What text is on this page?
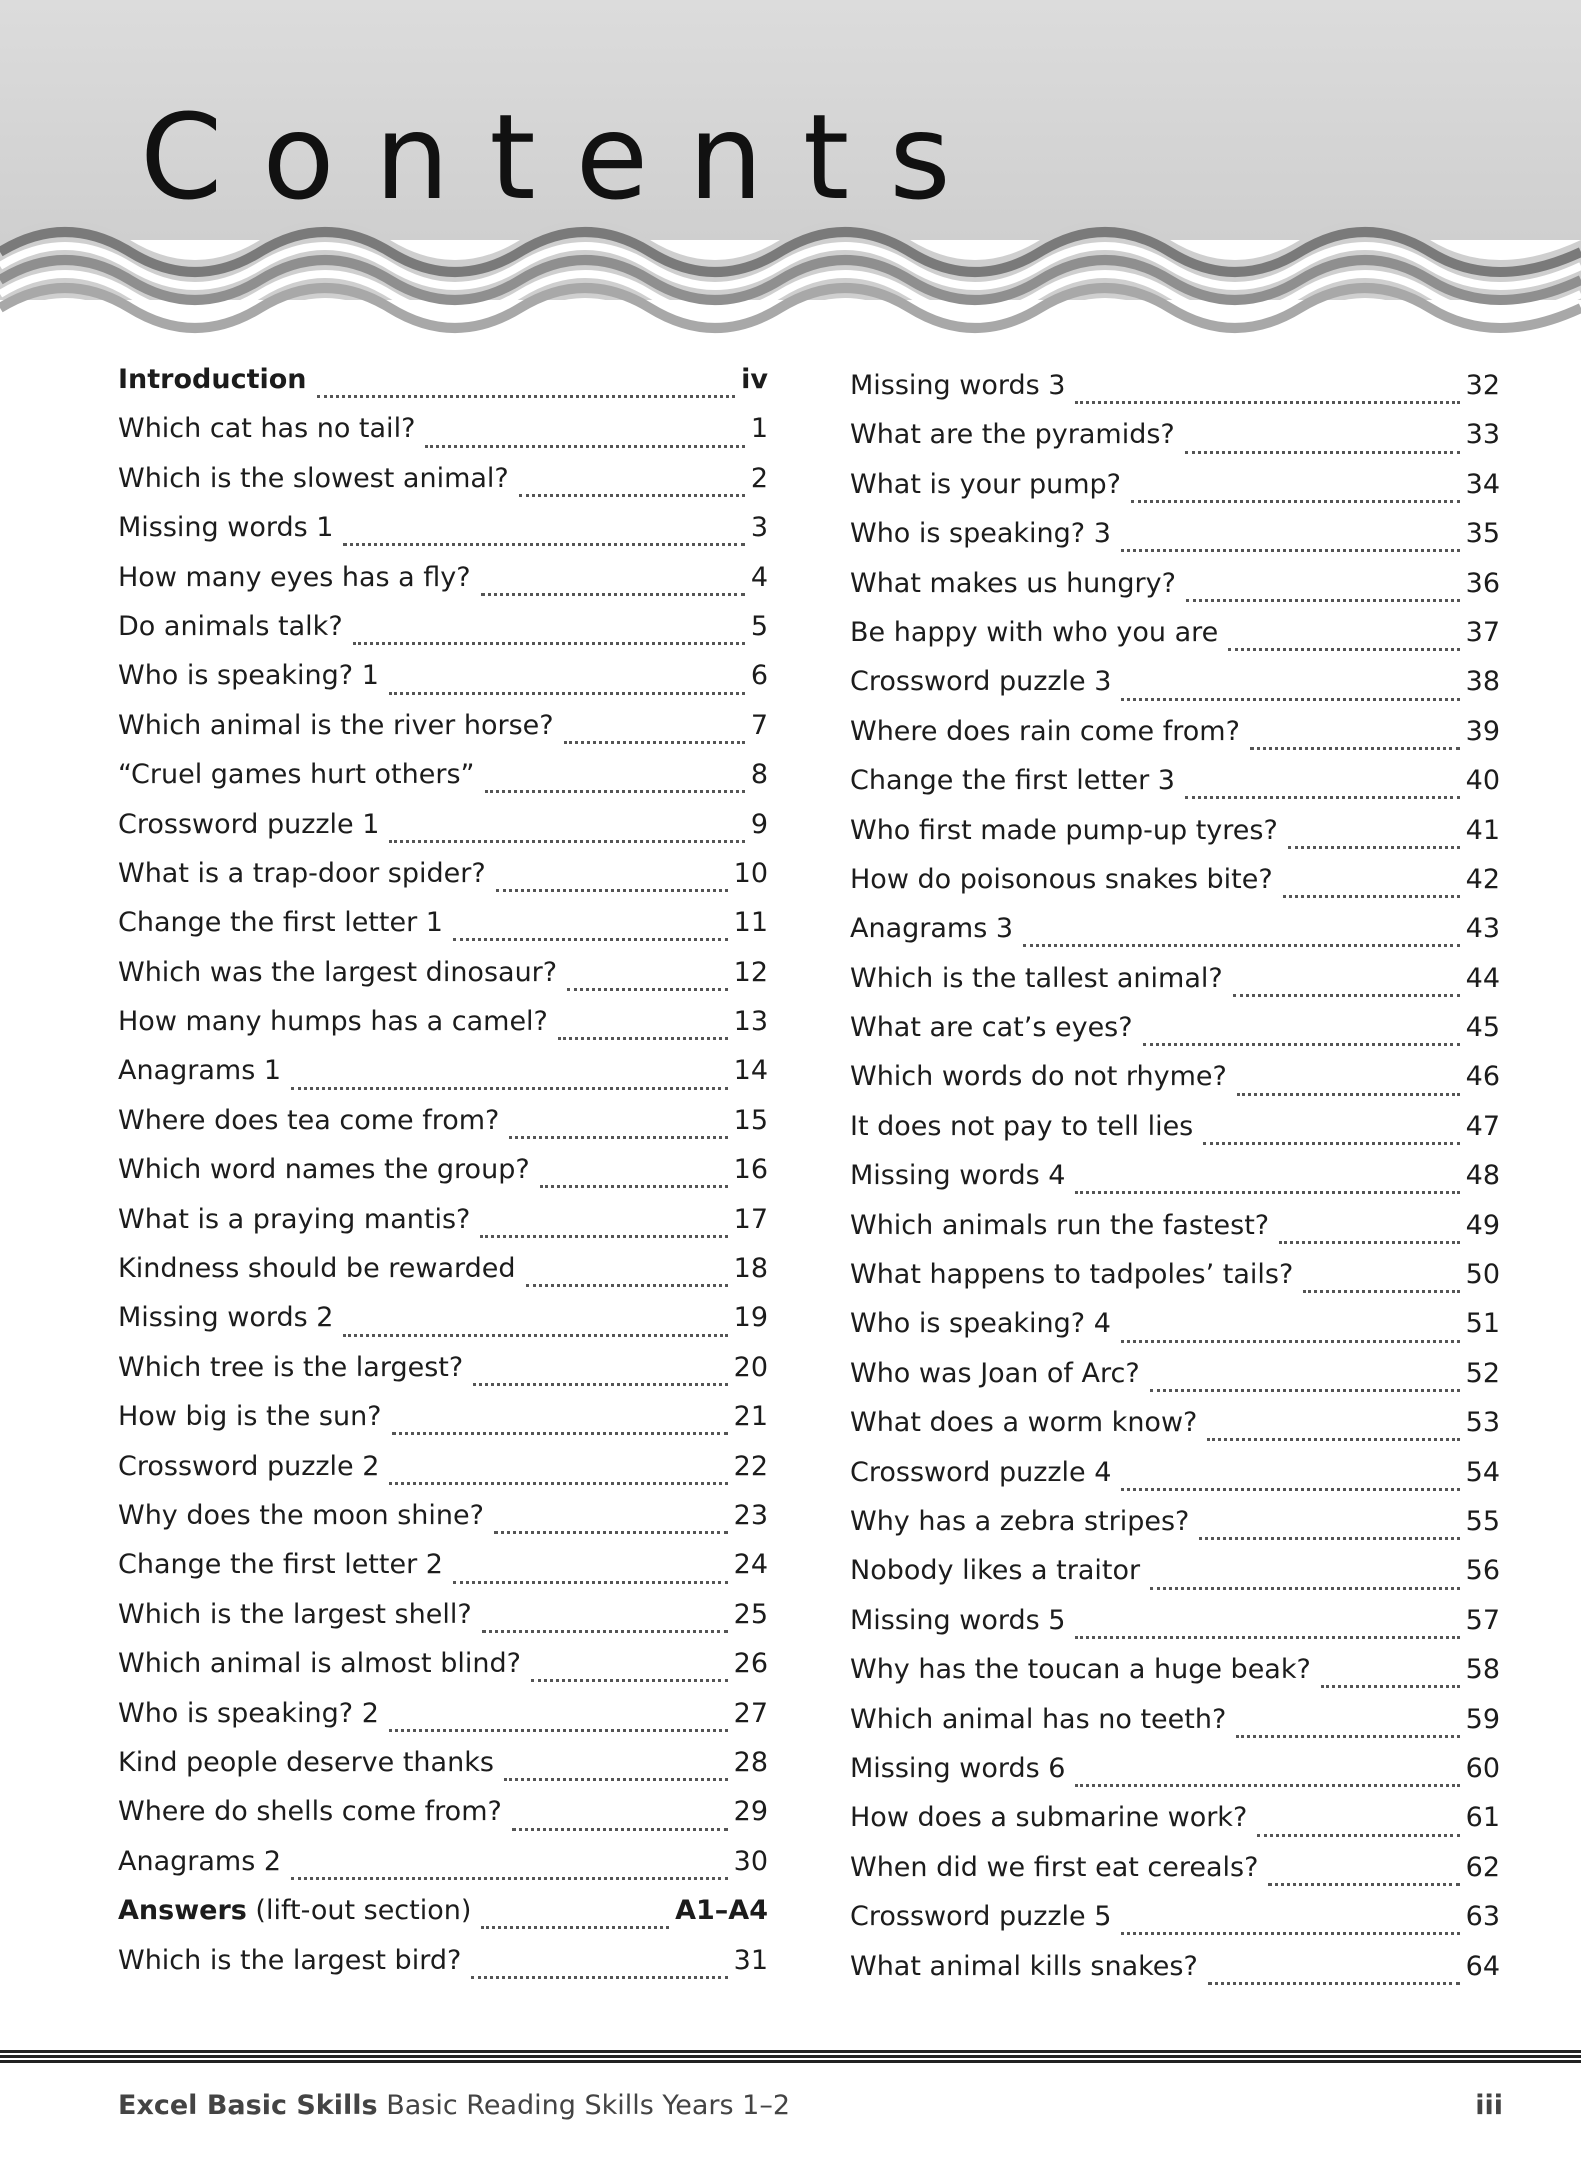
Contents
Introduction	iv
Which cat has no tail?	1
Which is the slowest animal?	2
Missing words 1	3
How many eyes has a fly?	4
Do animals talk?	5
Who is speaking? 1	6
Which animal is the river horse?	7
“Cruel games hurt others”	8
Crossword puzzle 1	9
What is a trap-door spider?	10
Change the first letter 1	11
Which was the largest dinosaur?	12
How many humps has a camel?	13
Anagrams 1	14
Where does tea come from?	15
Which word names the group?	16
What is a praying mantis?	17
Kindness should be rewarded	18
Missing words 2	19
Which tree is the largest?	20
How big is the sun?	21
Crossword puzzle 2	22
Why does the moon shine?	23
Change the first letter 2	24
Which is the largest shell?	25
Which animal is almost blind?	26
Who is speaking? 2	27
Kind people deserve thanks	28
Where do shells come from?	29
Anagrams 2	30
Answers (lift-out section)	A1–A4
Which is the largest bird?	31
Missing words 3	32
What are the pyramids?	33
What is your pump?	34
Who is speaking? 3	35
What makes us hungry?	36
Be happy with who you are	37
Crossword puzzle 3	38
Where does rain come from?	39
Change the first letter 3	40
Who first made pump-up tyres?	41
How do poisonous snakes bite?	42
Anagrams 3	43
Which is the tallest animal?	44
What are cat’s eyes?	45
Which words do not rhyme?	46
It does not pay to tell lies	47
Missing words 4	48
Which animals run the fastest?	49
What happens to tadpoles’ tails?	50
Who is speaking? 4	51
Who was Joan of Arc?	52
What does a worm know?	53
Crossword puzzle 4	54
Why has a zebra stripes?	55
Nobody likes a traitor	56
Missing words 5	57
Why has the toucan a huge beak?	58
Which animal has no teeth?	59
Missing words 6	60
How does a submarine work?	61
When did we first eat cereals?	62
Crossword puzzle 5	63
What animal kills snakes?	64
Excel Basic Skills Basic Reading Skills Years 1–2	iii
